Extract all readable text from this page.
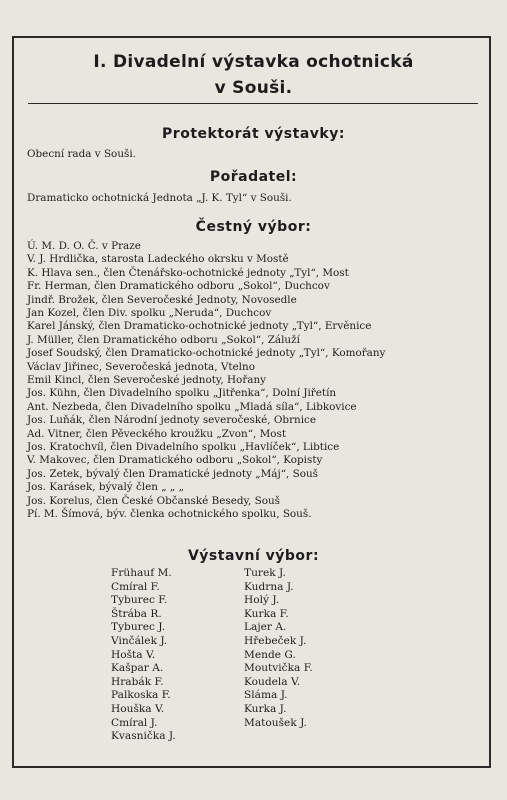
I. Divadelní výstavka ochotnická
v Souši.
Protektorát výstavky:
Obecní rada v Souši.
Pořadatel:
Dramaticko ochotnická Jednota „J. K. Tyl“ v Souši.
Čestný výbor:
Ú. M. D. O. Č. v Praze
V. J. Hrdlička, starosta Ladeckého okrsku v Mostě
K. Hlava sen., člen Čtenářsko-ochotnické jednoty „Tyl“, Most
Fr. Herman, člen Dramatického odboru „Sokol“, Duchcov
Jindř. Brožek, člen Severočeské Jednoty, Novosedle
Jan Kozel, člen Div. spolku „Neruda“, Duchcov
Karel Jánský, člen Dramaticko-ochotnické jednoty „Tyl“, Ervěnice
J. Müller, člen Dramatického odboru „Sokol“, Záluží
Josef Soudský, člen Dramaticko-ochotnické jednoty „Tyl“, Komořany
Václav Jiřinec, Severočeská jednota, Vtelno
Emil Kincl, člen Severočeské jednoty, Hořany
Jos. Kühn, člen Divadelního spolku „Jitřenka“, Dolní Jiřetín
Ant. Nezbeda, člen Divadelního spolku „Mladá síla“, Libkovice
Jos. Luňák, člen Národní jednoty severočeské, Obrnice
Ad. Vitner, člen Pěveckého kroužku „Zvon“, Most
Jos. Kratochvíl, člen Divadelního spolku „Havlíček“, Libtice
V. Makovec, člen Dramatického odboru „Sokol“, Kopisty
Jos. Zetek, bývalý člen Dramatické jednoty „Máj“, Souš
Jos. Karásek, bývalý člen „ „ „
Jos. Korelus, člen České Občanské Besedy, Souš
Pí. M. Šímová, býv. členka ochotnického spolku, Souš.
Výstavní výbor:
Frühauf M.
Cmíral F.
Tyburec F.
Štrába R.
Tyburec J.
Vinčálek J.
Hošta V.
Kašpar A.
Hrabák F.
Palkoska F.
Houška V.
Cmíral J.
Kvasnička J.
Turek J.
Kudrna J.
Holý J.
Kurka F.
Lajer A.
Hřebeček J.
Mende G.
Moutvička F.
Koudela V.
Sláma J.
Kurka J.
Matoušek J.
